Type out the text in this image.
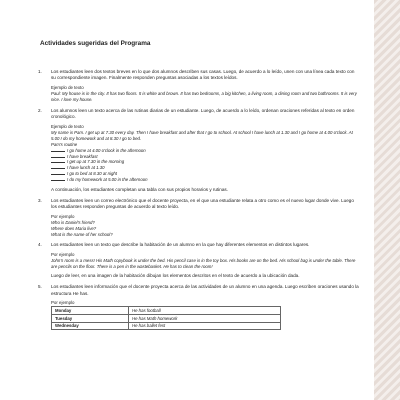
Actividades sugeridas del Programa
1. Los estudiantes leen dos textos breves en lo que dos alumnos describen sus casas. Luego, de acuerdo a lo leído, unen con una línea cada texto con su correspondiente imagen. Finalmente responden preguntas asociadas a los textos leídos.

Ejemplo de texto

Paul: My house is in the city. It has two floors. It is white and brown. It has two bedrooms, a big kitchen, a living room, a dining room and two bathrooms. It is very nice. I love my house.

2. Los alumnos leen un texto acerca de las rutinas diarias de un estudiante. Luego, de acuerdo a lo leído, ordenan oraciones referidas al texto en orden cronológico.

Ejemplo de texto

My name is Pam. I get up at 7.30 every day. Then I have breakfast and after that I go to school. At school I have lunch at 1.30 and I go home at 4.00 o'clock. At 5.00 I do my homework and at 8.30 I go to bed.

Pam's routine

I go home at 4.00 o'clock in the afternoon

I have breakfast

I get up at 7.30 in the morning

I have lunch at 1.30

I go to bed at 8.30 at night

I do my homework at 5.00 in the afternoon

A continuación, los estudiantes completan una tabla con sus propios horarios y rutinas.

3. Los estudiantes leen un correo electrónico que el docente proyecta, en el que una estudiante relata a otro como es el nuevo lugar donde vive. Luego los estudiantes responden preguntas de acuerdo al texto leído.

Por ejemplo

Who is Daniel's friend?

Where does Maria live?

What is the name of her school?

4. Los estudiantes leen un texto que describe la habitación de un alumno en la que hay diferentes elementos en distintos lugares.

Por ejemplo

John's room is a mess! His Math copybook is under the bed. His pencil case is in the toy box. His books are on the bed. His school bag is under the table. There are pencils on the floor. There is a pen in the wastebasket. He has to clean the room!

Luego de leer, en una imagen de la habitación dibujan los elementos descritos en el texto de acuerdo a la ubicación dada.

5. Los estudiantes leen información que el docente proyecta acerca de las actividades de un alumno en una agenda. Luego escriben oraciones usando la estructura He has.

Por ejemplo

Monday	He has football
Tuesday	He has Math homework
Wednesday	He has ballet fest
